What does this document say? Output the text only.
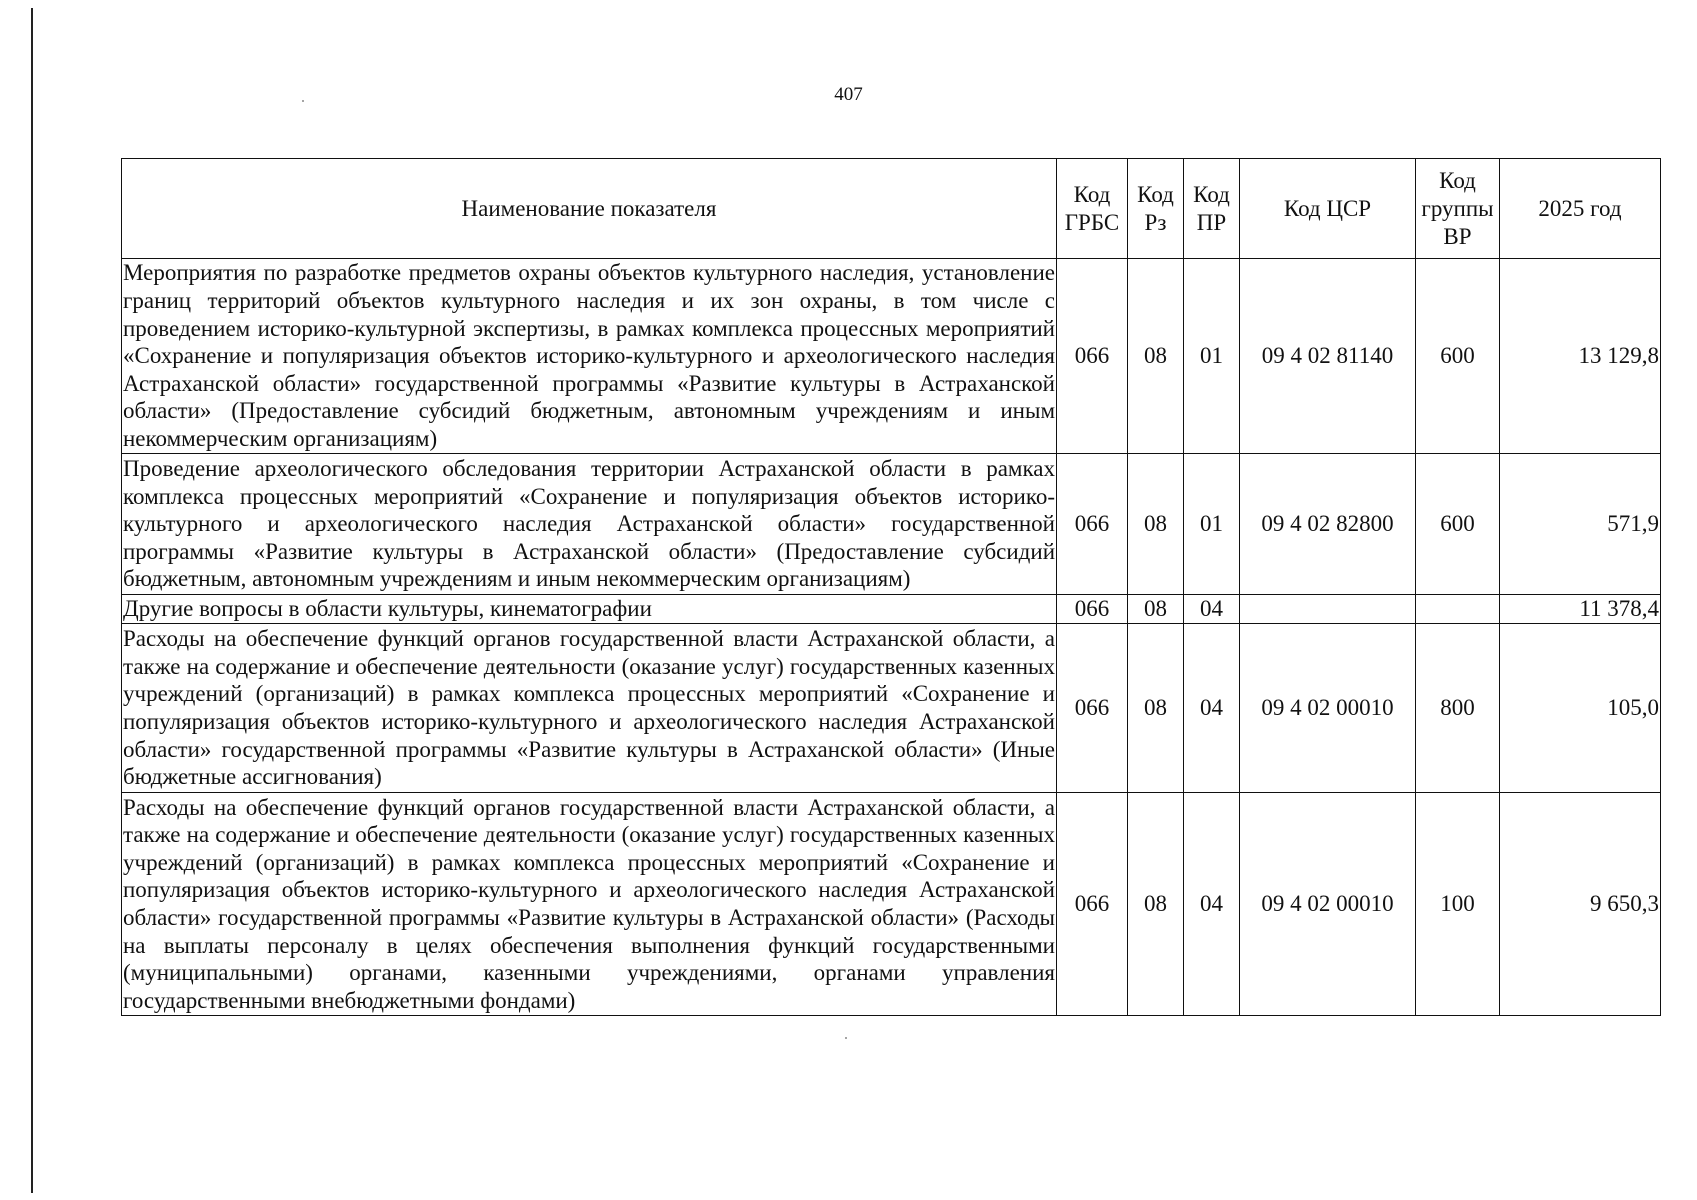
407
Наименование показателя	Код ГРБС	Код Рз	Код ПР	Код ЦСР	Код группы ВР	2025 год
Мероприятия по разработке предметов охраны объектов культурного наследия, установление границ территорий объектов культурного наследия и их зон охраны, в том числе с проведением историко-культурной экспертизы, в рамках комплекса процессных мероприятий «Сохранение и популяризация объектов историко-культурного и археологического наследия Астраханской области» государственной программы «Развитие культуры в Астраханской области» (Предоставление субсидий бюджетным, автономным учреждениям и иным некоммерческим организациям)	066	08	01	09 4 02 81140	600	13 129,8
Проведение археологического обследования территории Астраханской области в рамках комплекса процессных мероприятий «Сохранение и популяризация объектов историко-культурного и археологического наследия Астраханской области» государственной программы «Развитие культуры в Астраханской области» (Предоставление субсидий бюджетным, автономным учреждениям и иным некоммерческим организациям)	066	08	01	09 4 02 82800	600	571,9
Другие вопросы в области культуры, кинематографии	066	08	04			11 378,4
Расходы на обеспечение функций органов государственной власти Астраханской области, а также на содержание и обеспечение деятельности (оказание услуг) государственных казенных учреждений (организаций) в рамках комплекса процессных мероприятий «Сохранение и популяризация объектов историко-культурного и археологического наследия Астраханской области» государственной программы «Развитие культуры в Астраханской области» (Иные бюджетные ассигнования)	066	08	04	09 4 02 00010	800	105,0
Расходы на обеспечение функций органов государственной власти Астраханской области, а также на содержание и обеспечение деятельности (оказание услуг) государственных казенных учреждений (организаций) в рамках комплекса процессных мероприятий «Сохранение и популяризация объектов историко-культурного и археологического наследия Астраханской области» государственной программы «Развитие культуры в Астраханской области» (Расходы на выплаты персоналу в целях обеспечения выполнения функций государственными (муниципальными) органами, казенными учреждениями, органами управления государственными внебюджетными фондами)	066	08	04	09 4 02 00010	100	9 650,3
